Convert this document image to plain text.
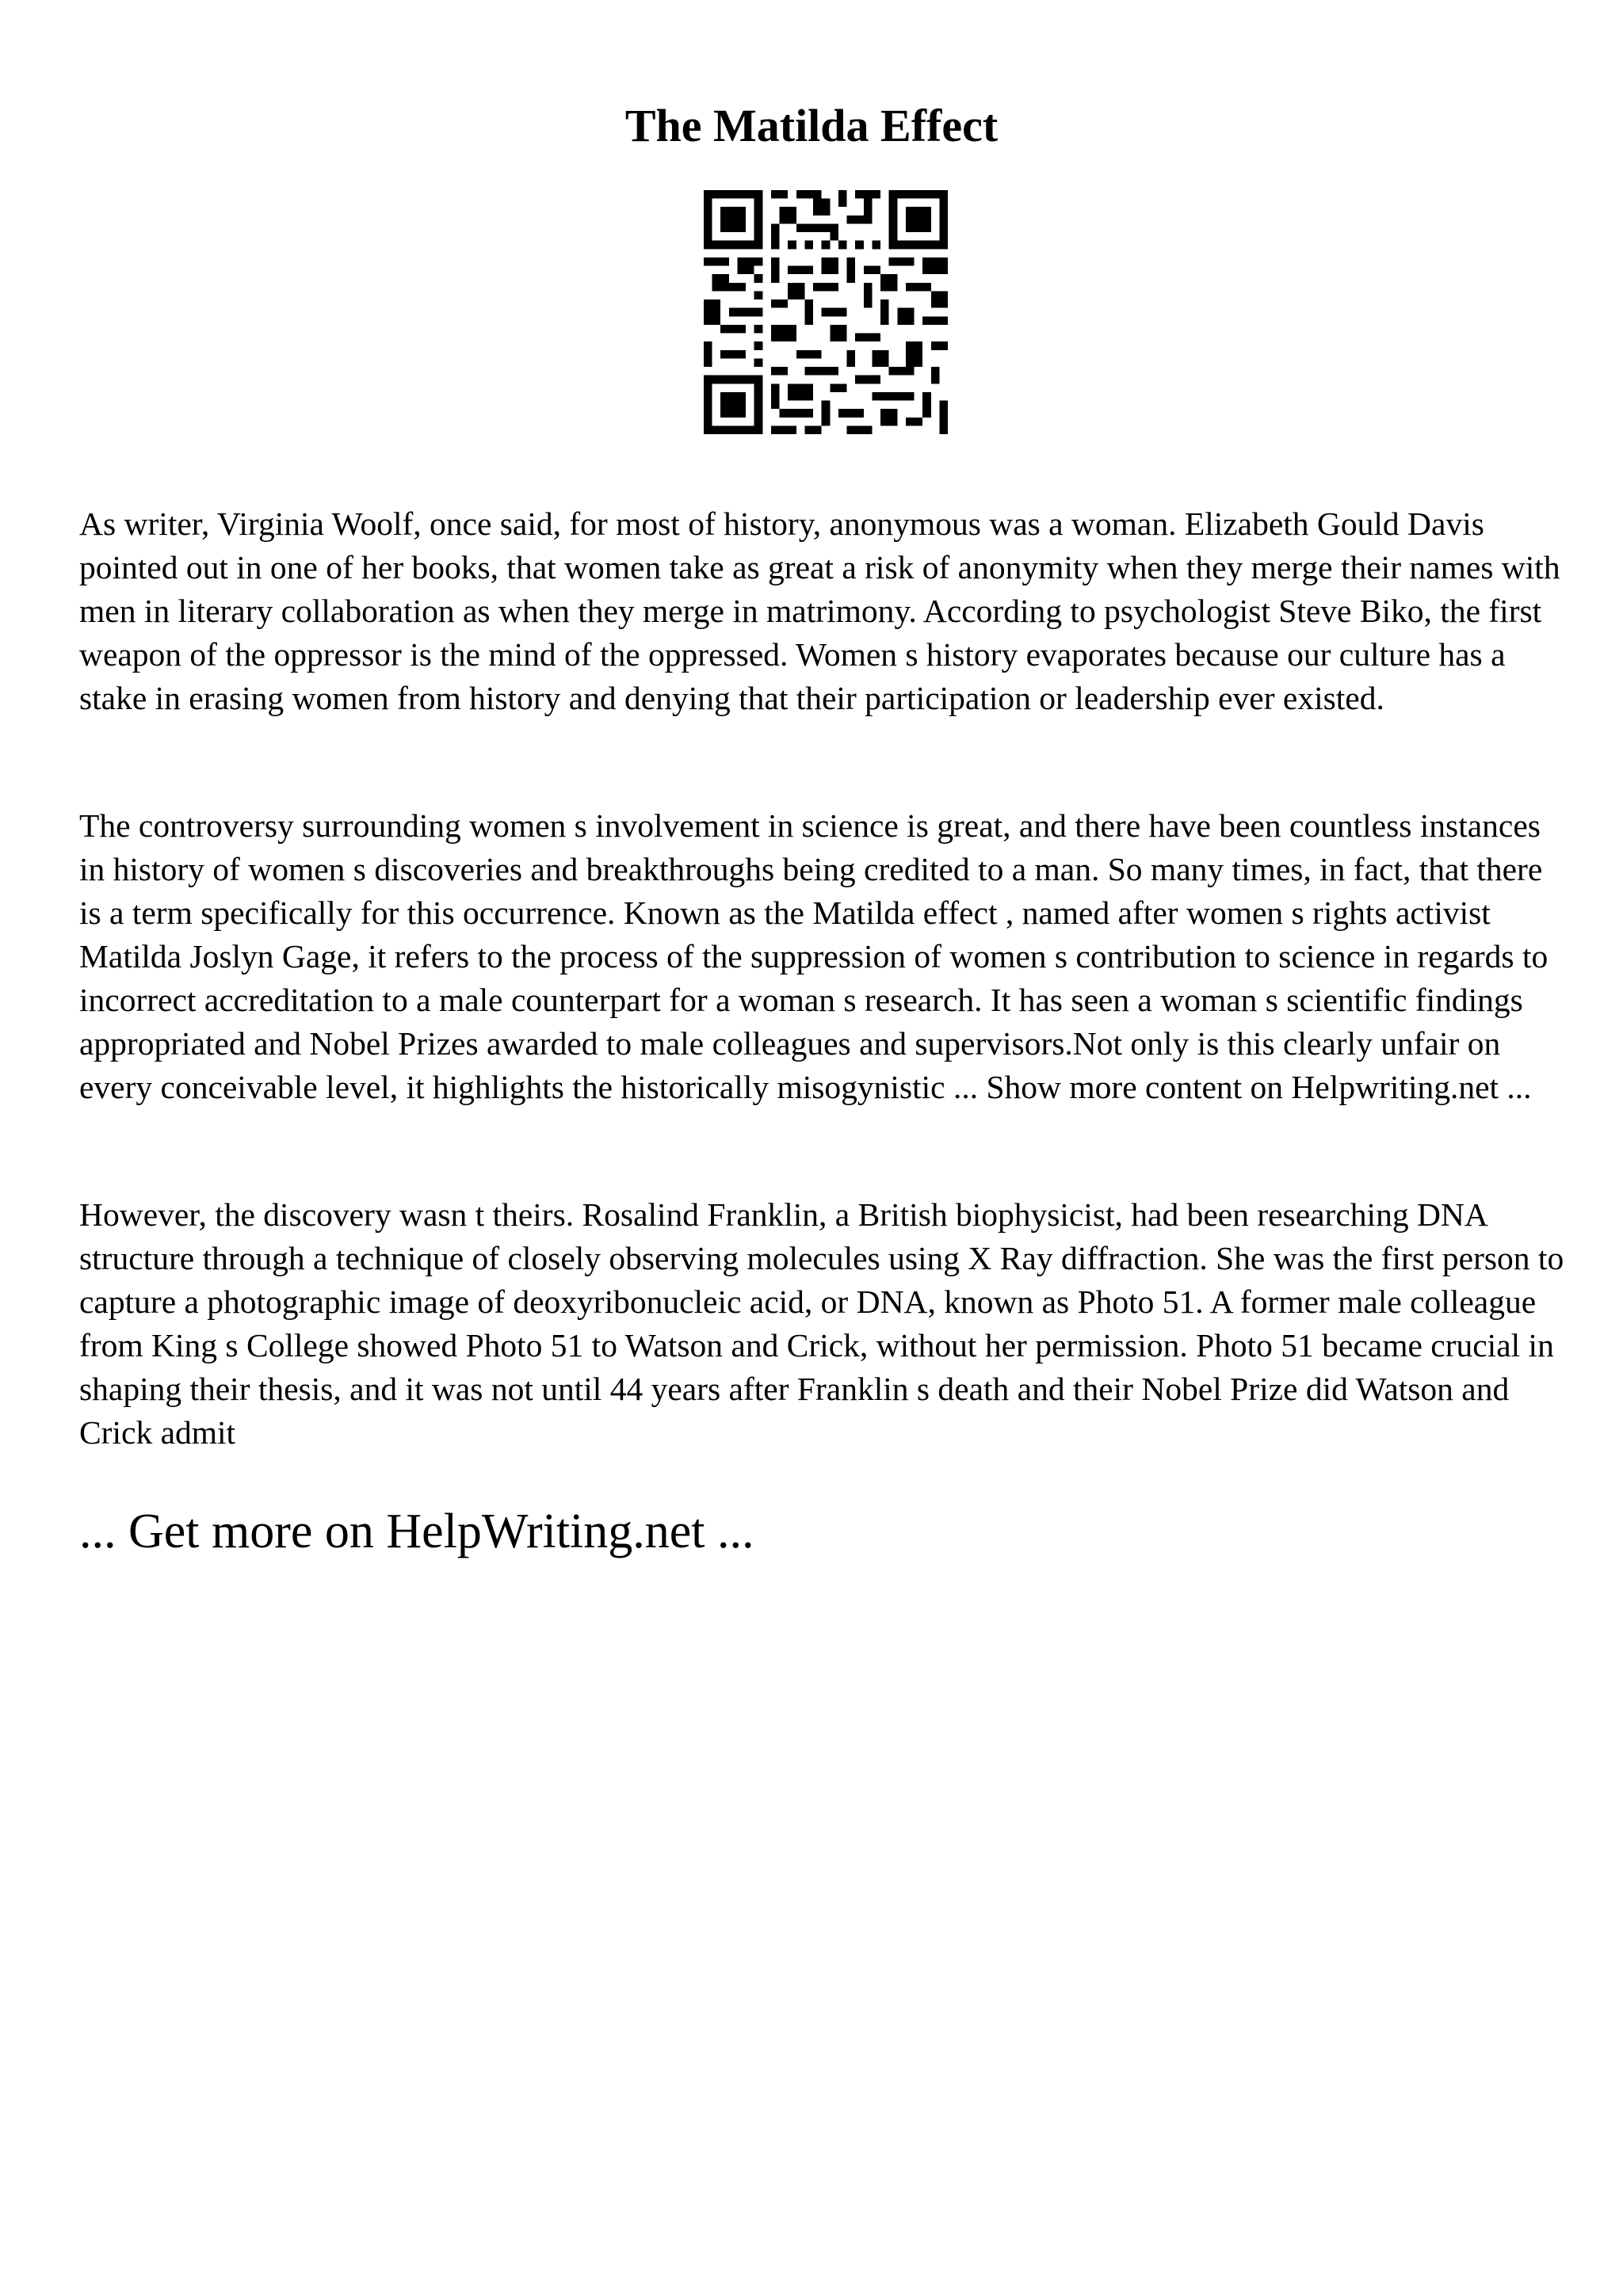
The Matilda Effect

As writer, Virginia Woolf, once said, for most of history, anonymous was a woman. Elizabeth Gould Davis pointed out in one of her books, that women take as great a risk of anonymity when they merge their names with men in literary collaboration as when they merge in matrimony. According to psychologist Steve Biko, the first weapon of the oppressor is the mind of the oppressed. Women s history evaporates because our culture has a stake in erasing women from history and denying that their participation or leadership ever existed.

The controversy surrounding women s involvement in science is great, and there have been countless instances in history of women s discoveries and breakthroughs being credited to a man. So many times, in fact, that there is a term specifically for this occurrence. Known as the Matilda effect , named after women s rights activist Matilda Joslyn Gage, it refers to the process of the suppression of women s contribution to science in regards to incorrect accreditation to a male counterpart for a woman s research. It has seen a woman s scientific findings appropriated and Nobel Prizes awarded to male colleagues and supervisors.Not only is this clearly unfair on every conceivable level, it highlights the historically misogynistic ... Show more content on Helpwriting.net ...

However, the discovery wasn t theirs. Rosalind Franklin, a British biophysicist, had been researching DNA structure through a technique of closely observing molecules using X Ray diffraction. She was the first person to capture a photographic image of deoxyribonucleic acid, or DNA, known as Photo 51. A former male colleague from King s College showed Photo 51 to Watson and Crick, without her permission. Photo 51 became crucial in shaping their thesis, and it was not until 44 years after Franklin s death and their Nobel Prize did Watson and Crick admit

... Get more on HelpWriting.net ...
